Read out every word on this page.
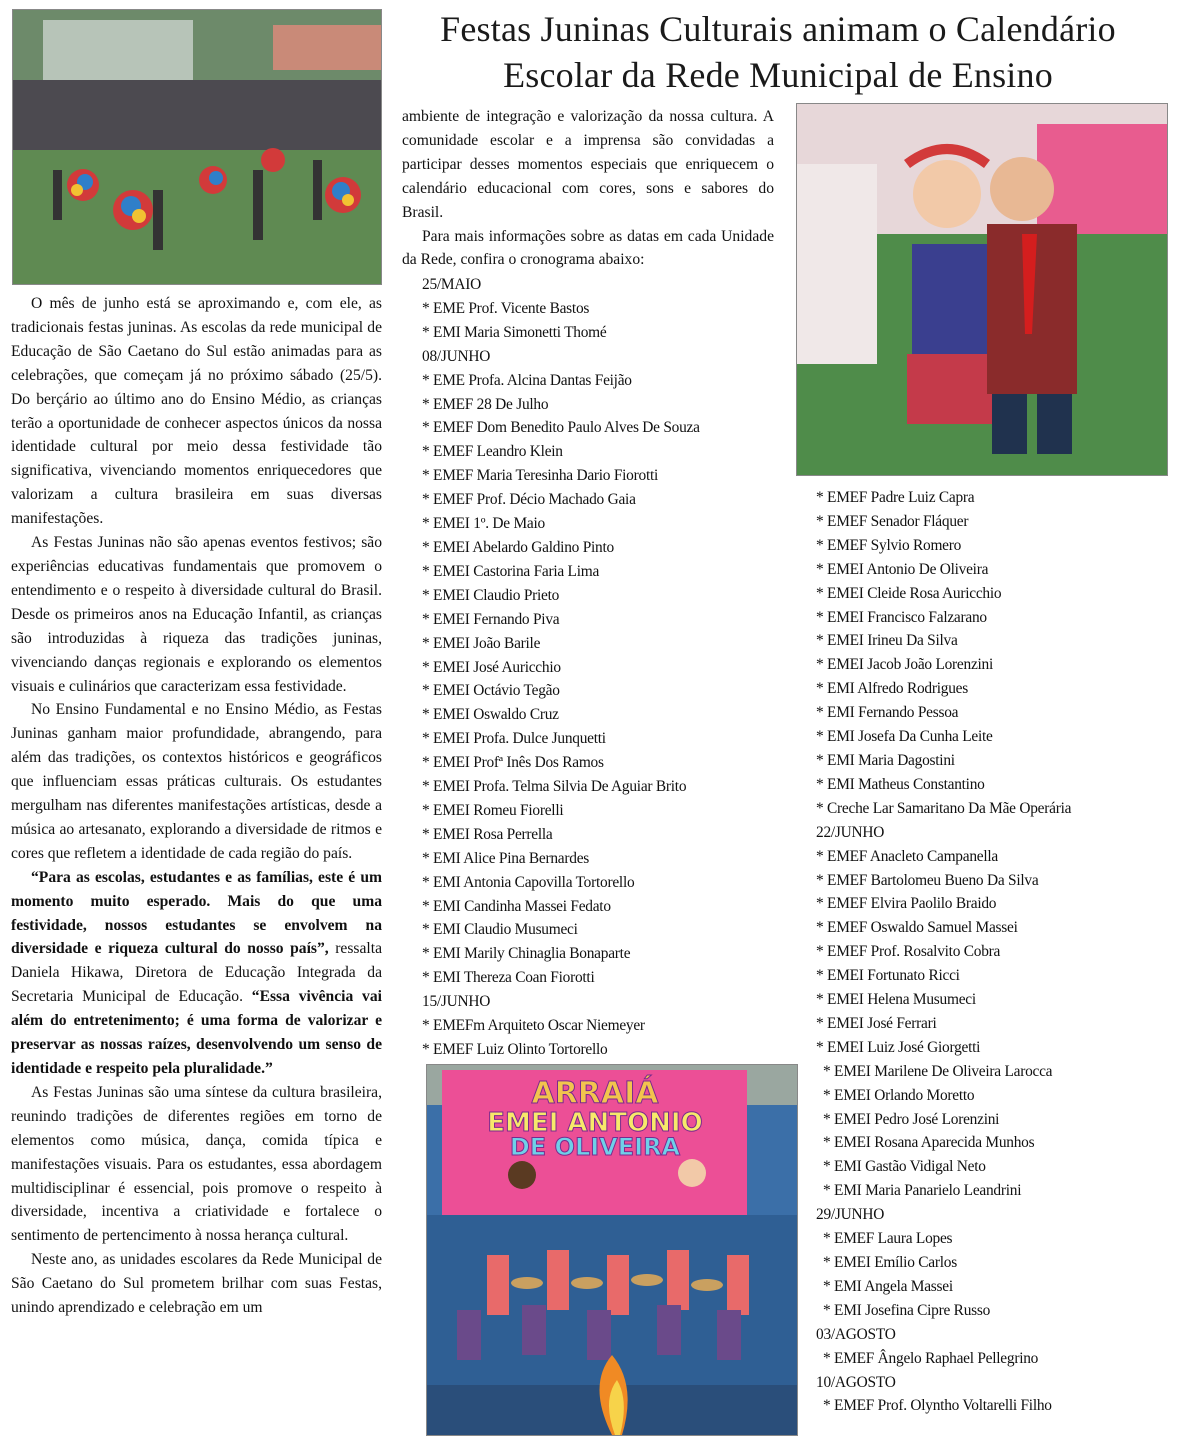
Festas Juninas Culturais animam o Calendário
Escolar da Rede Municipal de Ensino

O mês de junho está se aproximando e, com ele, as tradicionais festas juninas. As escolas da rede municipal de Educação de São Caetano do Sul estão animadas para as celebrações, que começam já no próximo sábado (25/5). Do berçário ao último ano do Ensino Médio, as crianças terão a oportunidade de conhecer aspectos únicos da nossa identidade cultural por meio dessa festividade tão significativa, vivenciando momentos enriquecedores que valorizam a cultura brasileira em suas diversas manifestações.

As Festas Juninas não são apenas eventos festivos; são experiências educativas fundamentais que promovem o entendimento e o respeito à diversidade cultural do Brasil. Desde os primeiros anos na Educação Infantil, as crianças são introduzidas à riqueza das tradições juninas, vivenciando danças regionais e explorando os elementos visuais e culinários que caracterizam essa festividade.

No Ensino Fundamental e no Ensino Médio, as Festas Juninas ganham maior profundidade, abrangendo, para além das tradições, os contextos históricos e geográficos que influenciam essas práticas culturais. Os estudantes mergulham nas diferentes manifestações artísticas, desde a música ao artesanato, explorando a diversidade de ritmos e cores que refletem a identidade de cada região do país.

“Para as escolas, estudantes e as famílias, este é um momento muito esperado. Mais do que uma festividade, nossos estudantes se envolvem na diversidade e riqueza cultural do nosso país”, ressalta Daniela Hikawa, Diretora de Educação Integrada da Secretaria Municipal de Educação. “Essa vivência vai além do entretenimento; é uma forma de valorizar e preservar as nossas raízes, desenvolvendo um senso de identidade e respeito pela pluralidade.”

As Festas Juninas são uma síntese da cultura brasileira, reunindo tradições de diferentes regiões em torno de elementos como música, dança, comida típica e manifestações visuais. Para os estudantes, essa abordagem multidisciplinar é essencial, pois promove o respeito à diversidade, incentiva a criatividade e fortalece o sentimento de pertencimento à nossa herança cultural.

Neste ano, as unidades escolares da Rede Municipal de São Caetano do Sul prometem brilhar com suas Festas, unindo aprendizado e celebração em um

ambiente de integração e valorização da nossa cultura. A comunidade escolar e a imprensa são convidadas a participar desses momentos especiais que enriquecem o calendário educacional com cores, sons e sabores do Brasil.

Para mais informações sobre as datas em cada Unidade da Rede, confira o cronograma abaixo:

25/MAIO
* EME Prof. Vicente Bastos
* EMI Maria Simonetti Thomé
08/JUNHO
* EME Profa. Alcina Dantas Feijão
* EMEF 28 De Julho
* EMEF Dom Benedito Paulo Alves De Souza
* EMEF Leandro Klein
* EMEF Maria Teresinha Dario Fiorotti
* EMEF Prof. Décio Machado Gaia
* EMEI 1º. De Maio
* EMEI Abelardo Galdino Pinto
* EMEI Castorina Faria Lima
* EMEI Claudio Prieto
* EMEI Fernando Piva
* EMEI João Barile
* EMEI José Auricchio
* EMEI Octávio Tegão
* EMEI Oswaldo Cruz
* EMEI Profa. Dulce Junquetti
* EMEI Profª Inês Dos Ramos
* EMEI Profa. Telma Silvia De Aguiar Brito
* EMEI Romeu Fiorelli
* EMEI Rosa Perrella
* EMI Alice Pina Bernardes
* EMI Antonia Capovilla Tortorello
* EMI Candinha Massei Fedato
* EMI Claudio Musumeci
* EMI Marily Chinaglia Bonaparte
* EMI Thereza Coan Fiorotti
15/JUNHO
* EMEFm Arquiteto Oscar Niemeyer
* EMEF Luiz Olinto Tortorello
ARRAIÁ
EMEI ANTONIO
DE OLIVEIRA
* EMEF Padre Luiz Capra
* EMEF Senador Fláquer
* EMEF Sylvio Romero
* EMEI Antonio De Oliveira
* EMEI Cleide Rosa Auricchio
* EMEI Francisco Falzarano
* EMEI Irineu Da Silva
* EMEI Jacob João Lorenzini
* EMI Alfredo Rodrigues
* EMI Fernando Pessoa
* EMI Josefa Da Cunha Leite
* EMI Maria Dagostini
* EMI Matheus Constantino
* Creche Lar Samaritano Da Mãe Operária
22/JUNHO
* EMEF Anacleto Campanella
* EMEF Bartolomeu Bueno Da Silva
* EMEF Elvira Paolilo Braido
* EMEF Oswaldo Samuel Massei
* EMEF Prof. Rosalvito Cobra
* EMEI Fortunato Ricci
* EMEI Helena Musumeci
* EMEI José Ferrari
* EMEI Luiz José Giorgetti
* EMEI Marilene De Oliveira Larocca
* EMEI Orlando Moretto
* EMEI Pedro José Lorenzini
* EMEI Rosana Aparecida Munhos
* EMI Gastão Vidigal Neto
* EMI Maria Panarielo Leandrini
29/JUNHO
* EMEF Laura Lopes
* EMEI Emílio Carlos
* EMI Angela Massei
* EMI Josefina Cipre Russo
03/AGOSTO
* EMEF Ângelo Raphael Pellegrino
10/AGOSTO
* EMEF Prof. Olyntho Voltarelli Filho
